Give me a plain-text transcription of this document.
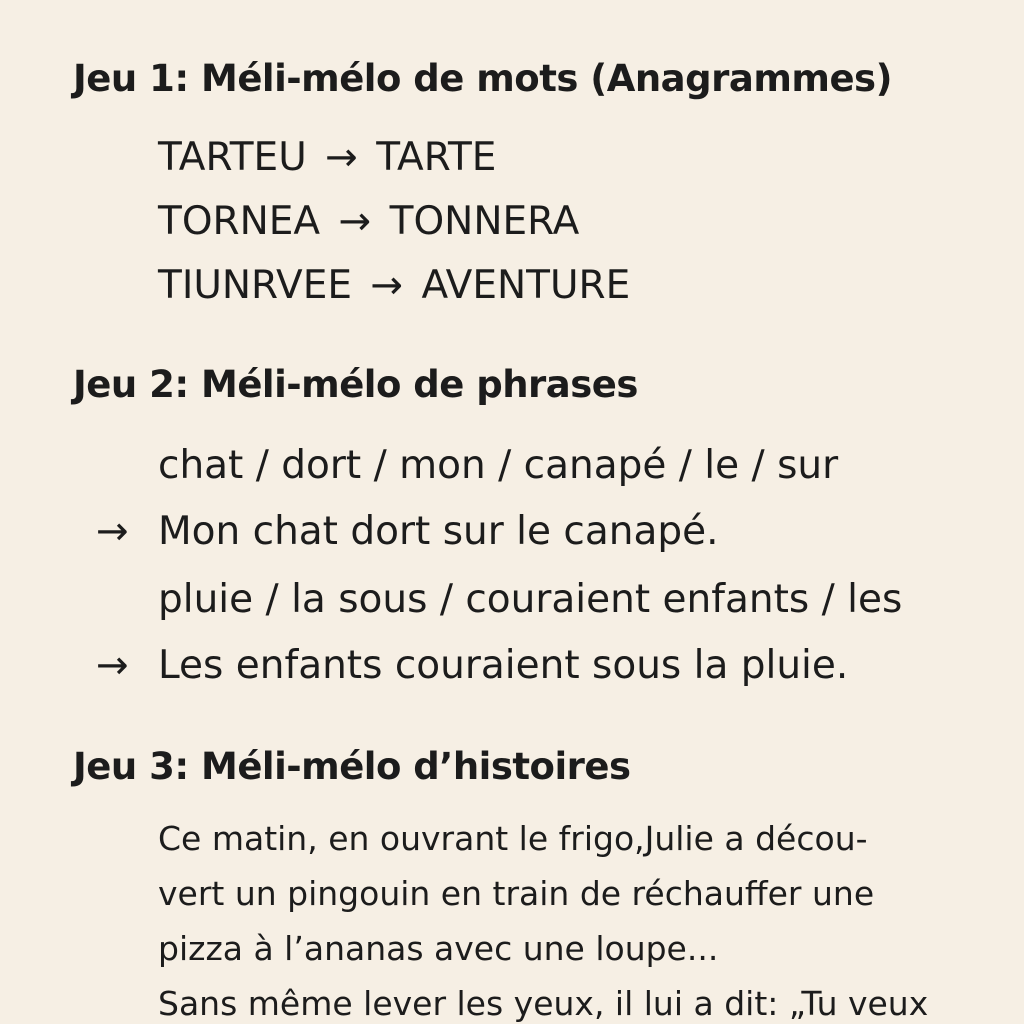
Jeu 1: Méli-mélo de mots (Anagrammes)
TARTEU → TARTE
TORNEA → TONNERA
TIUNRVEE → AVENTURE
Jeu 2: Méli-mélo de phrases
chat / dort / mon / canapé / le / sur
→ Mon chat dort sur le canapé.
pluie / la sous / couraient enfants / les
→ Les enfants couraient sous la pluie.
Jeu 3: Méli-mélo d’histoires
Ce matin, en ouvrant le frigo,Julie a décou-
vert un pingouin en train de réchauffer une
pizza à l’ananas avec une loupe...
Sans même lever les yeux, il lui a dit: „Tu veux
